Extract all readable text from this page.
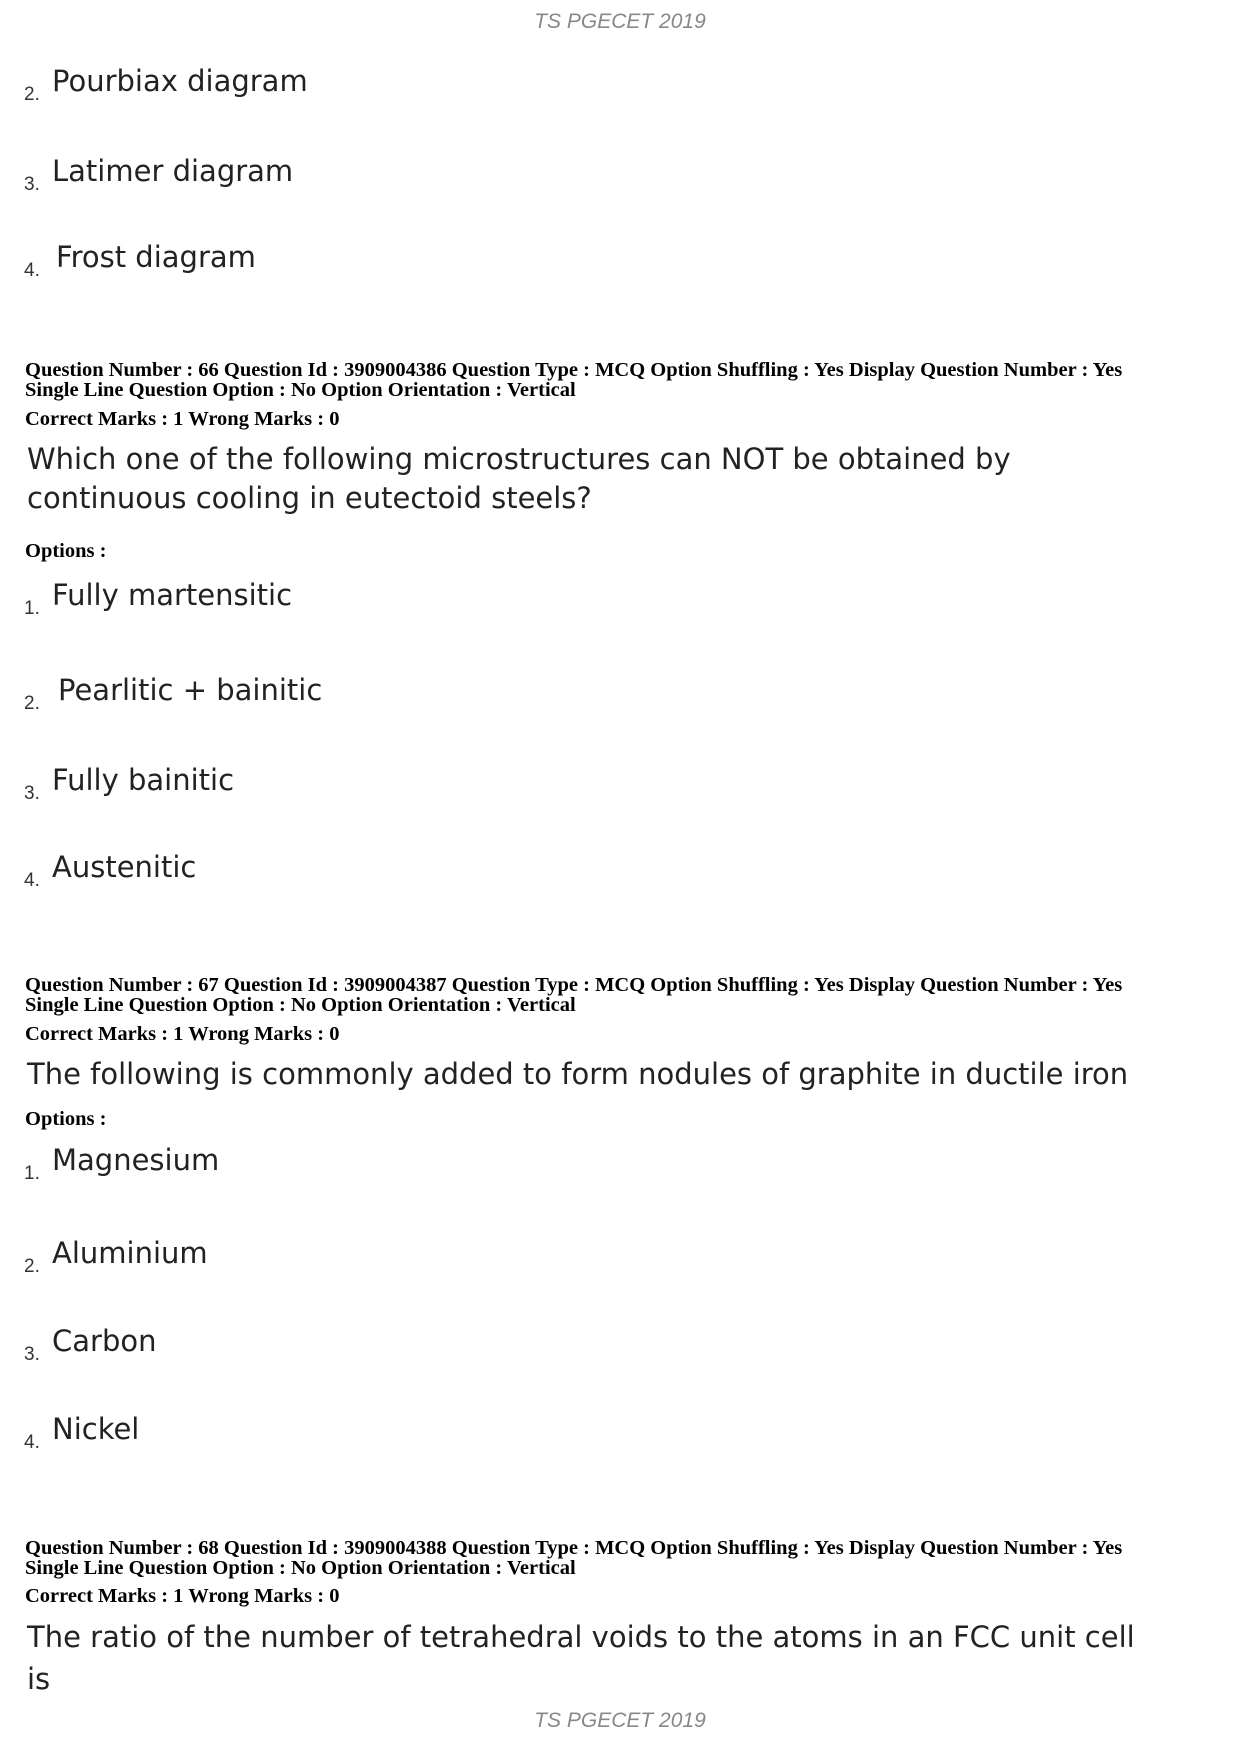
TS PGECET 2019
2. Pourbiax diagram
3. Latimer diagram
4. Frost diagram
Question Number : 66 Question Id : 3909004386 Question Type : MCQ Option Shuffling : Yes Display Question Number : Yes
Single Line Question Option : No Option Orientation : Vertical
Correct Marks : 1 Wrong Marks : 0
Which one of the following microstructures can NOT be obtained by continuous cooling in eutectoid steels?
Options :
1. Fully martensitic
2. Pearlitic + bainitic
3. Fully bainitic
4. Austenitic
Question Number : 67 Question Id : 3909004387 Question Type : MCQ Option Shuffling : Yes Display Question Number : Yes
Single Line Question Option : No Option Orientation : Vertical
Correct Marks : 1 Wrong Marks : 0
The following is commonly added to form nodules of graphite in ductile iron
Options :
1. Magnesium
2. Aluminium
3. Carbon
4. Nickel
Question Number : 68 Question Id : 3909004388 Question Type : MCQ Option Shuffling : Yes Display Question Number : Yes
Single Line Question Option : No Option Orientation : Vertical
Correct Marks : 1 Wrong Marks : 0
The ratio of the number of tetrahedral voids to the atoms in an FCC unit cell is
TS PGECET 2019
